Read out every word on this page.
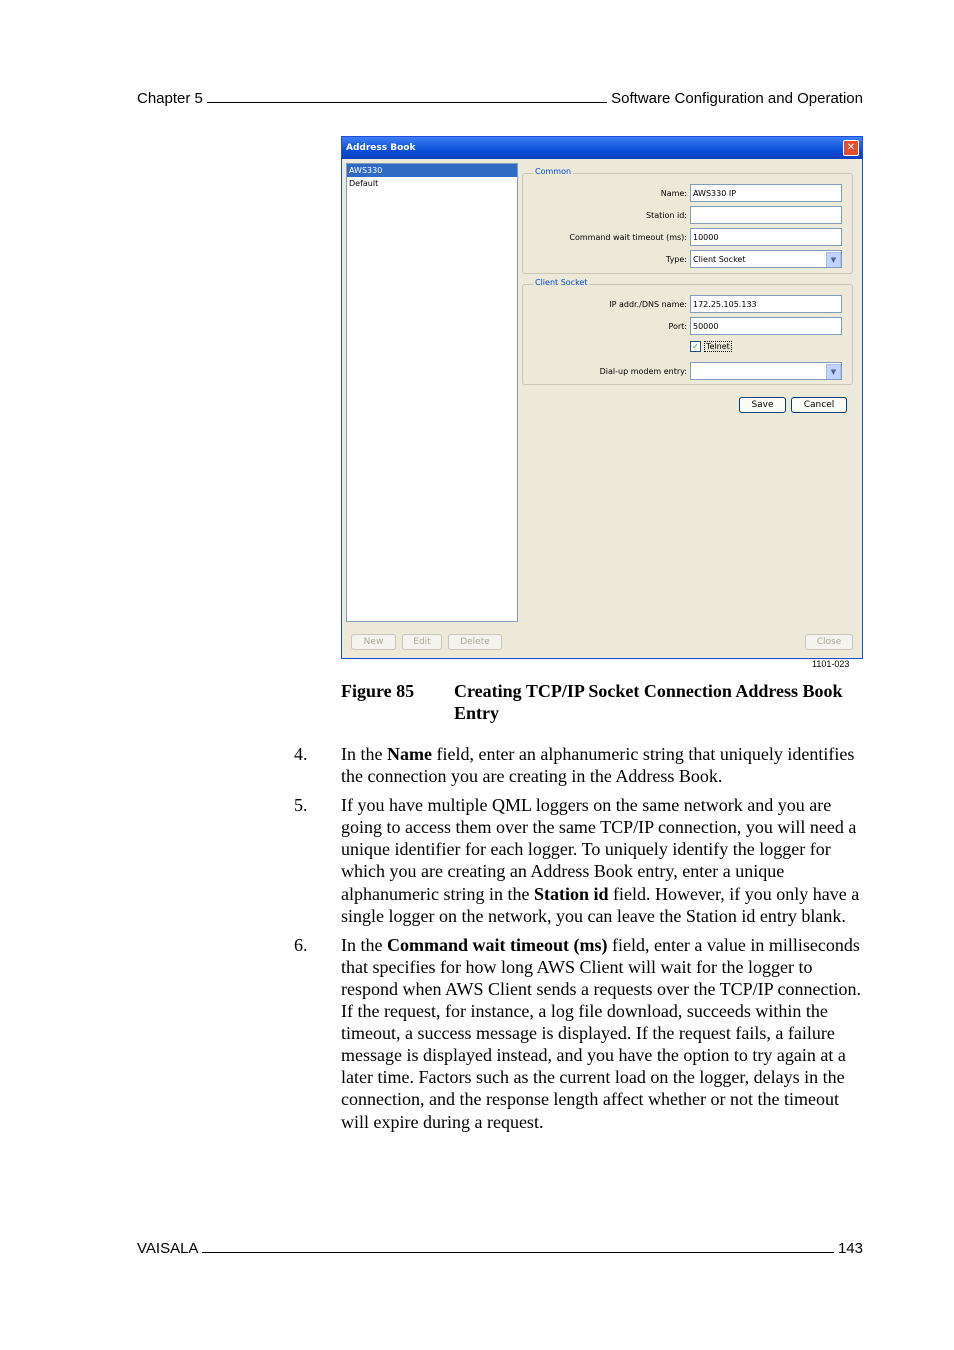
Chapter 5	Software Configuration and Operation
Address Book	✕
AWS330
Default
Common
Name: AWS330 IP
Station id:
Command wait timeout (ms): 10000
Type: Client Socket	▼
Client Socket
IP addr./DNS name: 172.25.105.133
Port: 50000
✓ Telnet
Dial-up modem entry:	▼
Save	Cancel
New	Edit	Delete	Close
1101-023
Figure 85 Creating TCP/IP Socket Connection Address Book Entry
4. In the Name field, enter an alphanumeric string that uniquely identifies the connection you are creating in the Address Book.
5. If you have multiple QML loggers on the same network and you are going to access them over the same TCP/IP connection, you will need a unique identifier for each logger. To uniquely identify the logger for which you are creating an Address Book entry, enter a unique alphanumeric string in the Station id field. However, if you only have a single logger on the network, you can leave the Station id entry blank.
6. In the Command wait timeout (ms) field, enter a value in milliseconds that specifies for how long AWS Client will wait for the logger to respond when AWS Client sends a requests over the TCP/IP connection. If the request, for instance, a log file download, succeeds within the timeout, a success message is displayed. If the request fails, a failure message is displayed instead, and you have the option to try again at a later time. Factors such as the current load on the logger, delays in the connection, and the response length affect whether or not the timeout will expire during a request.
VAISALA	143
